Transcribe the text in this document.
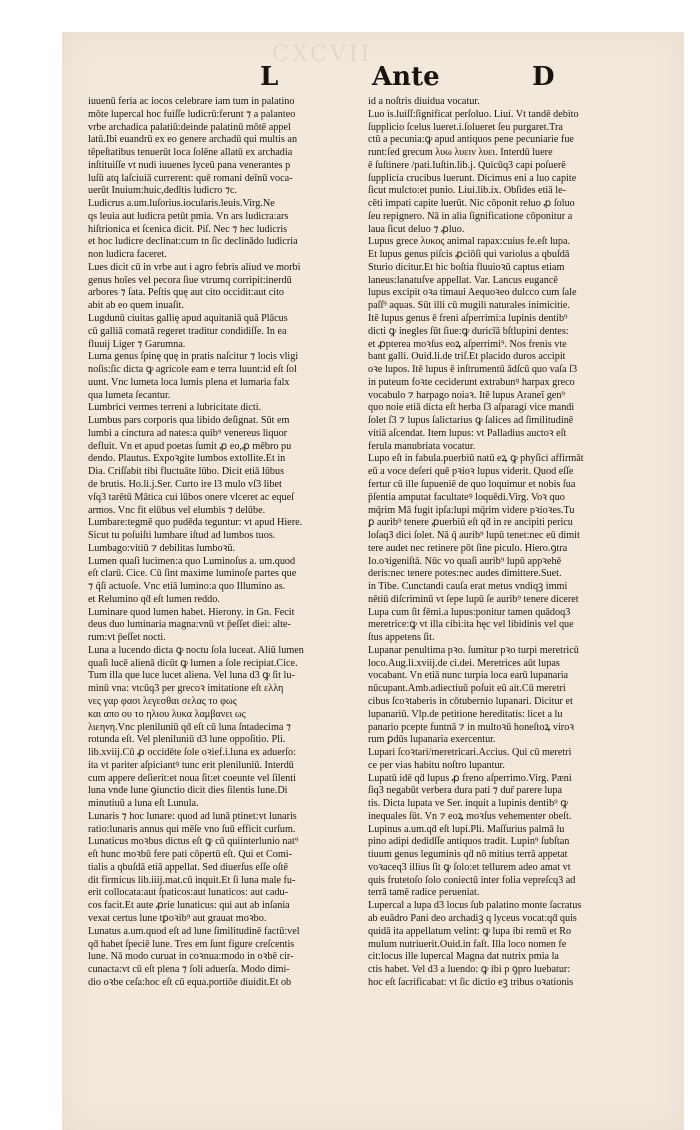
CXCVII
L	Ante	D
iuuenū feria ac iocos celebrare iam tum in palatino
mōte lupercal hoc fuiſſe ludicrū:ferunt ⁊ a palanteo
vrbe archadica palatiū:deinde palatinū mōtē appel
latū.Ibi euandrū ex eo genere archadū qui multis an
tēpeſtatibus tenuerūt loca ſolēne allatū ex archadia
inſtituiſſe vt nudi iuuenes lyceū pana venerantes p
luſū atq laſciuiā currerent: quē romani deīnū voca-
uerūt Inuium:huic,dedītis ludicro ⁊c.
Ludicrus a.um.luſorius.iocularis.leuis.Virg.Ne
qs leuia aut ludicra petūt pmia. Vn ars ludicra:ars
hiſtrionica et ſcenica dicit. Piſ. Nec ⁊ hec ludicris
et hoc ludicre declinat:cum tn ſic declinādo ludicria
non ludicra faceret.
Lues dicit cū in vrbe aut i agro febris aliud ve morbi
genus hoīes vel pecora ſiue vtrumq corripit:inerdū
arbores ⁊ ſata. Peſtis quę aut cito occidit:aut cito
abit ab eo quem inuaſit.
Lugdunū ciuitas gallię apud aquitaniā quā Plācus
cū galliā comatā regeret traditur condidiſſe. In ea
fluuij Liger ⁊ Garumna.
Luma genus ſpinę quę in pratis naſcitur ⁊ locis vligi
noſis:ſic dicta ꝙ agricole eam e terra luunt:id eſt ſol
uunt. Vnc lumeta loca lumis plena et lumaria falx
qua lumeta ſecantur.
Lumbrici vermes terreni a lubricitate dicti.
Lumbus pars corporis qua libido deſignat. Sūt em
lumbi a cinctura ad nates:a quib⁹ venereus liquor
defluit. Vn et apud poetas ſumit ꝓ eo,ꝓ mēbro pu
dendo. Plautus. Expoꝛgite lumbos extollite.Et in
Dia. Criſſabit tibi fluctuāte lūbo. Dicit etiā lūbus
de brutis. Ho.li.j.Ser. Curto ire l3 mulo vſ3 libet
vſq3 tarētū Mātica cui lūbos onere vlceret ac equeſ
armos. Vnc fit elūbus vel elumbis ⁊ delūbe.
Lumbare:tegmē quo pudēda teguntur: vt apud Hiere.
Sicut tu poſuiſti lumbare iſtud ad lumbos tuos.
Lumbago:vitiū ⁊ debilitas lumboꝛū.
Lumen quaſi lucimen:a quo Luminoſus a. um.quod
eſt clarū. Cice. Cū ſint maxime luminoſe partes que
⁊ q̄ſi actuoſe. Vnc etiā lumino:a quo Illumino as.
et Relumino qḋ eſt lumen reddo.
Luminare quod lumen habet. Hierony. in Gn. Fecit
deus duo luminaria magna:vnū vt p̄eſſet diei: alte-
rum:vt p̄eſſet nocti.
Luna a lucendo dicta ꝙ noctu ſola luceat. Aliū lumen
quaſi lucē alienā dicūt ꝙ lumen a ſole recipiat.Cice.
Tum illa que luce lucet aliena. Vel luna d3 ꝙ ſit lu-
minū vna: vtcūq3 per grecoꝛ imitatione eſt ελλη
νες γαρ φασι λεγεσθαι σελας το φως
και απο ου το ηλιου λυκα λαμβανει ως
λιεηνη.Vnc pleniluniū qḋ eſt cū luna ſntadecima ⁊
rotunda eſt. Vel pleniluniū d3 lune oppoſitio. Pli.
lib.xviij.Cū ꝓ occidēte ſole oꝛief.i.luna ex aduerſo:
ita vt pariter aſpiciantꝰ tunc erit pleniluniū. Interdū
cum appere deſierit:et noua ſit:et coeunte vel ſilenti
luna vnde lune ꝯiunctio dicit dies ſilentis lune.Di
minutiuū a luna eſt Lunula.
Lunaris ⁊ hoc lunare: quod ad lunā ptinet:vt lunaris
ratio:lunaris annus qui mēſe vno ſuū efficit curſum.
Lunaticus moꝛbus dictus eſt ꝙ cū quiinterlunio nat⁹
eſt hunc moꝛbū fere pati cōpertū eſt. Qui et Comi-
tialis a qbuſdā etiā appellat. Sed diuerſus eſſe oſtē
dit firmicus lib.iiij.mat.cū inquit.Et ſi luna male fu-
erit collocata:aut ſpaticos:aut lunaticos: aut cadu-
cos facit.Et aute ꝓrie lunaticus: qui aut ab inſania
vexat certus lune tꝑoꝛib⁹ aut grauat moꝛbo.
Lunatus a.um.quod eſt ad lune ſimilitudinē factū:vel
qḋ habet ſpeciē lune. Tres em ſunt figure creſcentis
lune. Nā modo curuat in coꝛnua:modo in oꝛbē cir-
cunacta:vt cū eſt plena ⁊ ſoli aduerſa. Modo dimi-
dio oꝛbe ceſa:hoc eſt cū equa.portiōe diuidit.Et ob
id a noſtris diuidua vocatur.
Luo is.luiſſ:ſignificat perſoluo. Liui. Vt tandē debito
ſupplicio ſcelus lueret.i.ſolueret ſeu purgaret.Tra
ctū a pecunia:ꝙ apud antiquos pene pecuniarie fue
runt:ſed grecum λυω λυειν λυει. Interdū luere
ē ſuſtinere /pati.Iuſtin.lib.j. Quicūq3 capi poſuerē
ſupplicia crucibus luerunt. Dicimus eni a luo capite
ſicut mulcto:et punio. Liui.lib.ix. Obſides etiā le-
cēti impati capite luerūt. Nic cōponit reluo ꝓ ſoluo
ſeu repignero. Nā in alia ſignificatione cōponitur a
laua ſicut deluo ⁊ ꝓluo.
Lupus grece λυκος animal rapax:cuius fe.eſt lupa.
Et lupus genus piſcis ꝓciōſi qui variolus a qbuſdā
Sturio dicitur.Et hic boſtia fluuioꝛū captus etiam
laneus:lanatuſve appellat. Var. Lancus eugancē
lupus excipit oꝛa timaui Aequoꝛeo dulcco cum ſale
paſſ⁹ aquas. Sūt illi cū mugili naturales inimicitie.
Itē lupus genus ē freni aſperrimi:a lupinis dentib⁹
dicti ꝙ inegles ſūt ſiue:ꝙ duricīā bſtlupini dentes:
et ꝓpterea moꝛſus eoꝝ aſperrimi⁹. Nos frenis vte
bant galli. Ouid.li.de triſ.Et placido duros accipit
oꝛe lupos. Itē lupus ē inſtrumentū ādſcū quo vaſa ſ3
in puteum foꝛte ceciderunt extrabunꝰ harpax greco
vocabulo ⁊ harpago noiaꝛ. Itē lupus Araneī gen⁹
quo noie etiā dicta eſt herba ſ3 aſparagi vice mandi
ſolet ſ3 ⁊ lupus ſalictarius ꝙ ſalices ad ſimilitudinē
vitiā aſcendat. Item lupus: vt Palladius auctoꝛ eſt
ferula manubriata vocatur.
Lupo eſt in fabula.puerbiū natū eꝝ ꝙ phyſici affirmāt
eū a voce deſeri quē pꝛioꝛ lupus viderit. Quod eſſe
fertur cū ille ſupueniē de quo loquimur et nobis ſua
p̄ſentia amputat facultateꝰ loquēdi.Virg. Voꝛ quo
mq̄rim Mā fugit ipſa:lupi mq̄rim videre pꝛioꝛes.Tu
ꝑ aurib⁹ tenere ꝓuerbiū eſt qḋ in re ancipiti pericu
loſaq3 dici ſolet. Nā q̄ aurib⁹ lupū tenet:nec eū dimit
tere audet nec retinere pōt ſine piculo. Hiero.ꝯtra
Io.oꝛigeniſtā. Nūc vo quaſi aurib⁹ lupū appꝛehē
deris:nec tenere potes:nec audes dimittere.Suet.
in Tibe. Cunctandi cauſa erat metus vndiqꝫ immi
nētiū diſcriminū vt ſepe lupū ſe aurib⁹ tenere diceret
Lupa cum ſit fēmi.a lupus:ponitur tamen quādoq3
meretrice:ꝙ vt illa cibi:ita hęc vel libidinis vel que
ſtus appetens ſit.
Lupanar penultima pꝛo. ſumitur pꝛo turpi meretricū
loco.Aug.li.xviij.de ci.dei. Meretrices aūt lupas
vocabant. Vn etiā nunc turpia loca earū lupanaria
nūcupant.Amb.adiectiuū poſuit eū ait.Cū meretri
cibus ſcoꝛtaberis in cōtubernio lupanari. Dicitur et
lupanariū. Vlp.de petitione hereditatis: licet a lu
panario pcepte funtnā ⁊ in multoꝛū honeſtoꝝ viroꝛ
rum ꝑdūs lupanaria exercentur.
Lupari ſcoꝛtari/meretricari.Accius. Qui cū meretri
ce per vias habitu noſtro lupantur.
Lupatū idē qḋ lupus ꝓ freno aſperrimo.Virg. Pæni
ſiq3 negabūt verbera dura pati ⁊ dur̄ parere lupa
tis. Dicta lupata ve Ser. inquit a lupinis dentib⁹ ꝙ
inequales ſūt. Vn ⁊ eoꝝ moꝛſus vehementer obeſt.
Lupinus a.um.qḋ eſt lupi.Pli. Maſſurius palmā lu
pino adipi dedidſſe antiquos tradit. Lupin⁹ ſubſtan
tiuum genus leguminis qḋ nō mitius terrā appetat
voꝛaceq3 illius ſit ꝙ ſolo:et tellurem adeo amat vt
quis frutetoſo ſolo coniectū inter folia vepreſcq3 ad
terrā tamē radice perueniat.
Lupercal a lupa d3 locus ſub palatino monte ſacratus
ab euādro Pani deo archadiꝫ q lyceus vocat:qḋ quis
quidā ita appellatum velint: ꝙ lupa ibi remū et Ro
mulum nutriuerit.Ouid.in faſt. Illa loco nomen fe
cit:locus ille lupercal Magna dat nutrix pmia la
ctis habet. Vel d3 a luendo: ꝙ ibi p ꝯpro luebatur:
hoc eſt ſacrificabat: vt ſic dictio eꝫ tribus oꝛationis
